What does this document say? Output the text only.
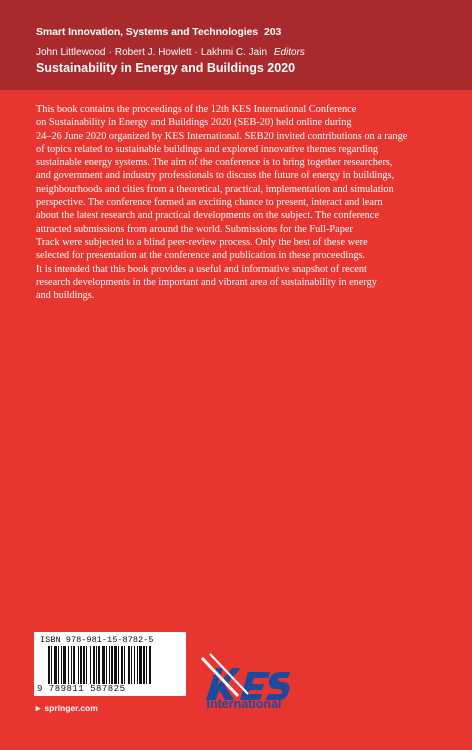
Smart Innovation, Systems and Technologies 203
John Littlewood · Robert J. Howlett · Lakhmi C. Jain Editors
Sustainability in Energy and Buildings 2020
This book contains the proceedings of the 12th KES International Conference
on Sustainability in Energy and Buildings 2020 (SEB-20) held online during
24–26 June 2020 organized by KES International. SEB20 invited contributions on a range
of topics related to sustainable buildings and explored innovative themes regarding
sustainable energy systems. The aim of the conference is to bring together researchers,
and government and industry professionals to discuss the future of energy in buildings,
neighbourhoods and cities from a theoretical, practical, implementation and simulation
perspective. The conference formed an exciting chance to present, interact and learn
about the latest research and practical developments on the subject. The conference
attracted submissions from around the world. Submissions for the Full-Paper
Track were subjected to a blind peer-review process. Only the best of these were
selected for presentation at the conference and publication in these proceedings.
It is intended that this book provides a useful and informative snapshot of recent
research developments in the important and vibrant area of sustainability in energy
and buildings.
ISBN 978-981-15-8782-5
9 789811 587825
► springer.com	International
